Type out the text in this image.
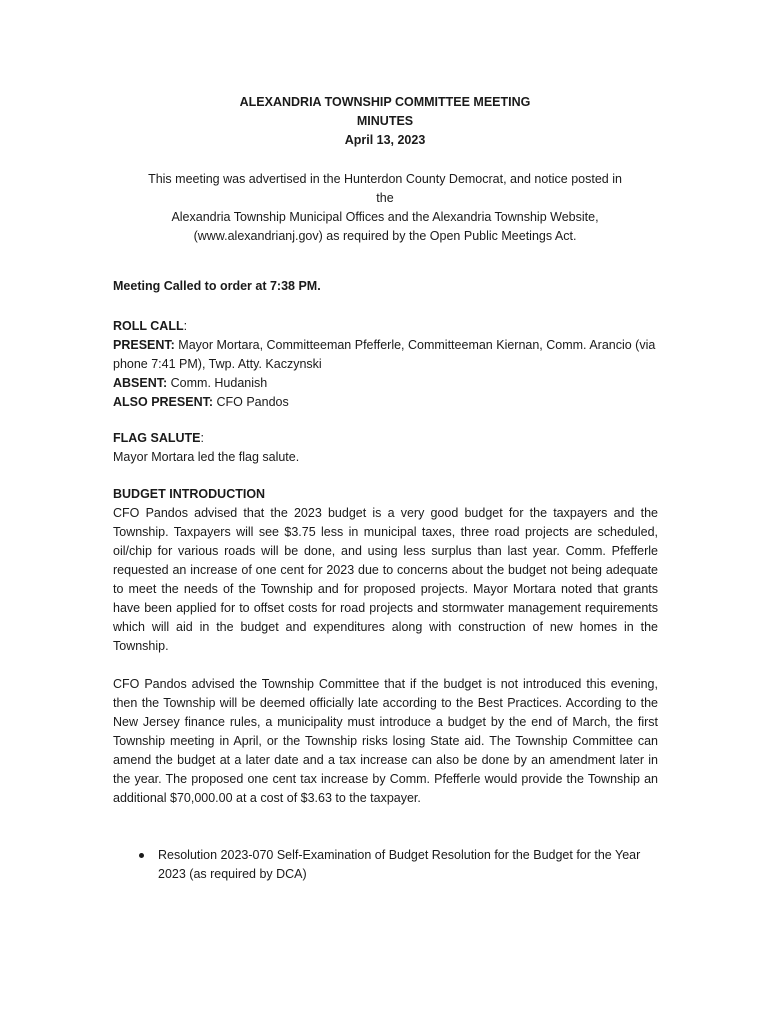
ALEXANDRIA TOWNSHIP COMMITTEE MEETING
MINUTES
April 13, 2023
This meeting was advertised in the Hunterdon County Democrat, and notice posted in
the
Alexandria Township Municipal Offices and the Alexandria Township Website,
(www.alexandrianj.gov) as required by the Open Public Meetings Act.
Meeting Called to order at 7:38 PM.
ROLL CALL:
PRESENT: Mayor Mortara, Committeeman Pfefferle, Committeeman Kiernan, Comm. Arancio (via phone 7:41 PM), Twp. Atty. Kaczynski
ABSENT: Comm. Hudanish
ALSO PRESENT: CFO Pandos
FLAG SALUTE:
Mayor Mortara led the flag salute.
BUDGET INTRODUCTION
CFO Pandos advised that the 2023 budget is a very good budget for the taxpayers and the Township. Taxpayers will see $3.75 less in municipal taxes, three road projects are scheduled, oil/chip for various roads will be done, and using less surplus than last year. Comm. Pfefferle requested an increase of one cent for 2023 due to concerns about the budget not being adequate to meet the needs of the Township and for proposed projects. Mayor Mortara noted that grants have been applied for to offset costs for road projects and stormwater management requirements which will aid in the budget and expenditures along with construction of new homes in the Township.
CFO Pandos advised the Township Committee that if the budget is not introduced this evening, then the Township will be deemed officially late according to the Best Practices. According to the New Jersey finance rules, a municipality must introduce a budget by the end of March, the first Township meeting in April, or the Township risks losing State aid. The Township Committee can amend the budget at a later date and a tax increase can also be done by an amendment later in the year. The proposed one cent tax increase by Comm. Pfefferle would provide the Township an additional $70,000.00 at a cost of $3.63 to the taxpayer.
Resolution 2023-070 Self-Examination of Budget Resolution for the Budget for the Year 2023 (as required by DCA)
